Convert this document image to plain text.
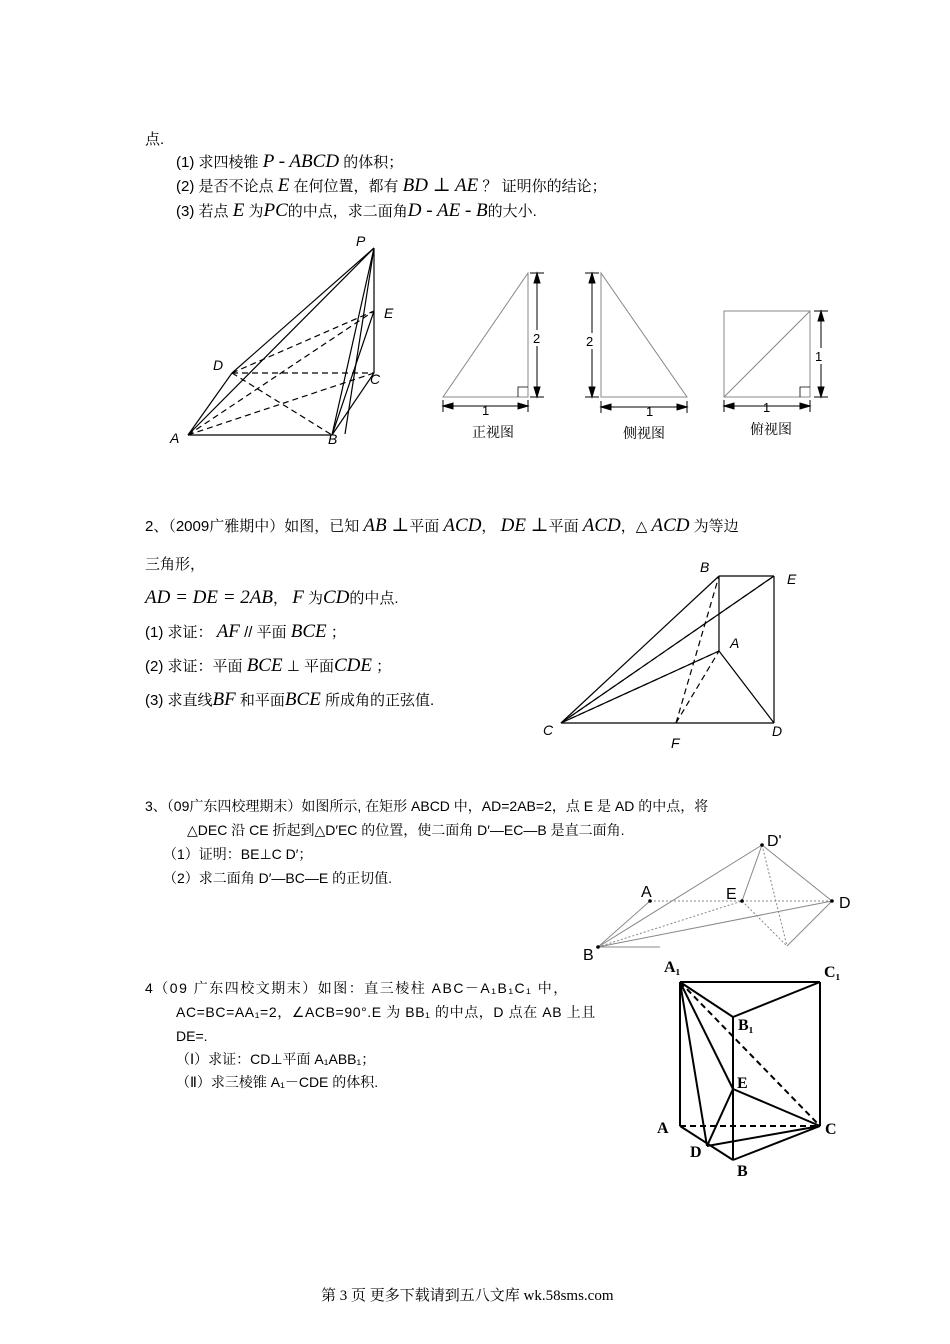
点.
(1) 求四棱锥 P - ABCD 的体积；
(2) 是否不论点 E 在何位置，都有 BD ⊥ AE ？ 证明你的结论；
(3) 若点 E 为PC的中点，求二面角D - AE - B的大小.
P
E
D
C
A	B
2
1
正视图
2
1
侧视图
1
1
俯视图
2、（2009广雅期中）如图，已知 AB ⊥平面 ACD， DE ⊥平面 ACD，△ ACD 为等边
三角形，
AD = DE = 2AB， F 为CD的中点.
(1) 求证： AF // 平面 BCE ；
(2) 求证：平面 BCE ⊥ 平面CDE ；
(3) 求直线BF 和平面BCE 所成角的正弦值.
B
E
A
C
F
D
3、（09广东四校理期末）如图所示, 在矩形 ABCD 中，AD=2AB=2，点 E 是 AD 的中点，将
△DEC 沿 CE 折起到△D′EC 的位置，使二面角 D′—EC—B 是直二面角.
（1）证明：BE⊥C D′；
（2）求二面角 D′—BC—E 的正切值.
D'
A	E
D
B
4（09 广东四校文期末）如图：直三棱柱 ABC－A₁B₁C₁ 中，
AC=BC=AA₁=2，∠ACB=90°.E 为 BB₁ 的中点，D 点在 AB 上且
DE=.
（Ⅰ）求证：CD⊥平面 A₁ABB₁；
（Ⅱ）求三棱锥 A₁－CDE 的体积.
A₁	C₁
B₁
E
A	C
D
B
第 3 页 更多下载请到五八文库 wk.58sms.com
